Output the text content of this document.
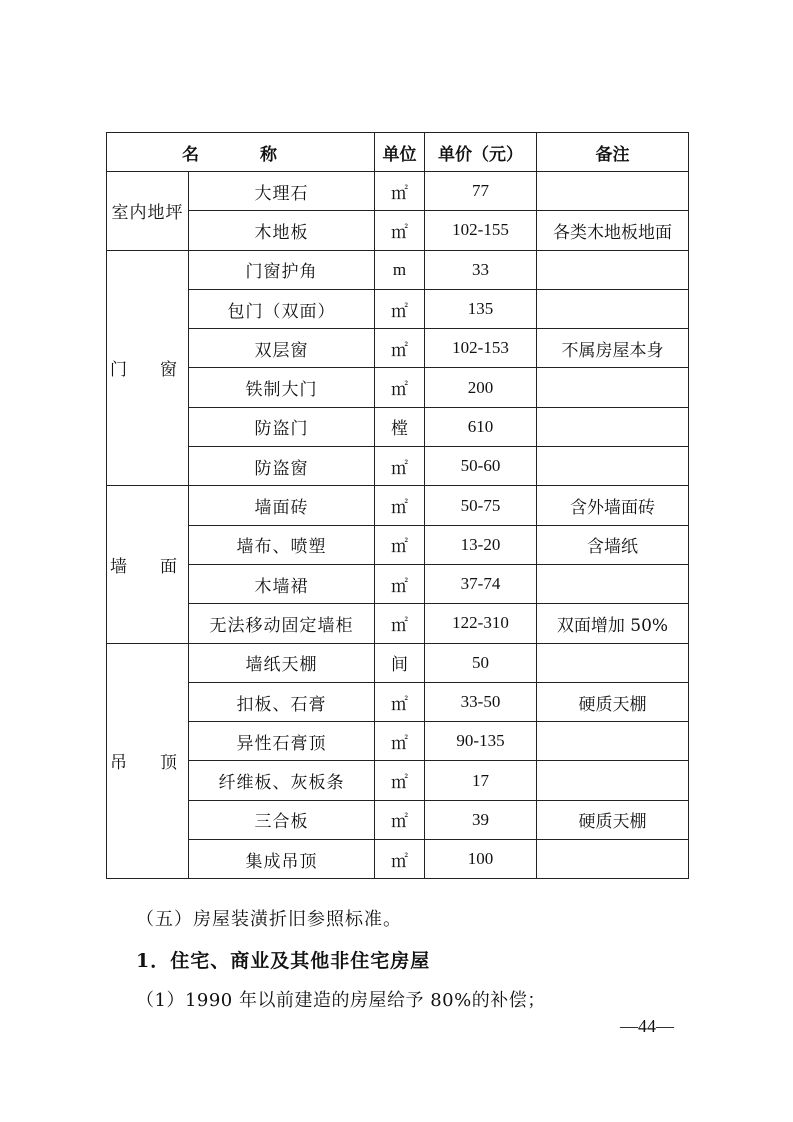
名　称		单位	单价（元）	备注
室内地坪	大理石	㎡	77	
	木地板	㎡	102-155	各类木地板地面
门　窗	门窗护角	m	33	
	包门（双面）	㎡	135	
	双层窗	㎡	102-153	不属房屋本身
	铁制大门	㎡	200	
	防盗门	樘	610	
	防盗窗	㎡	50-60	
墙　面	墙面砖	㎡	50-75	含外墙面砖
	墙布、喷塑	㎡	13-20	含墙纸
	木墙裙	㎡	37-74	
	无法移动固定墙柜	㎡	122-310	双面增加 50%
吊　顶	墙纸天棚	间	50	
	扣板、石膏	㎡	33-50	硬质天棚
	异性石膏顶	㎡	90-135	
	纤维板、灰板条	㎡	17	
	三合板	㎡	39	硬质天棚
	集成吊顶	㎡	100	
（五）房屋装潢折旧参照标准。
1．住宅、商业及其他非住宅房屋
（1）1990 年以前建造的房屋给予 80%的补偿；
—44—
